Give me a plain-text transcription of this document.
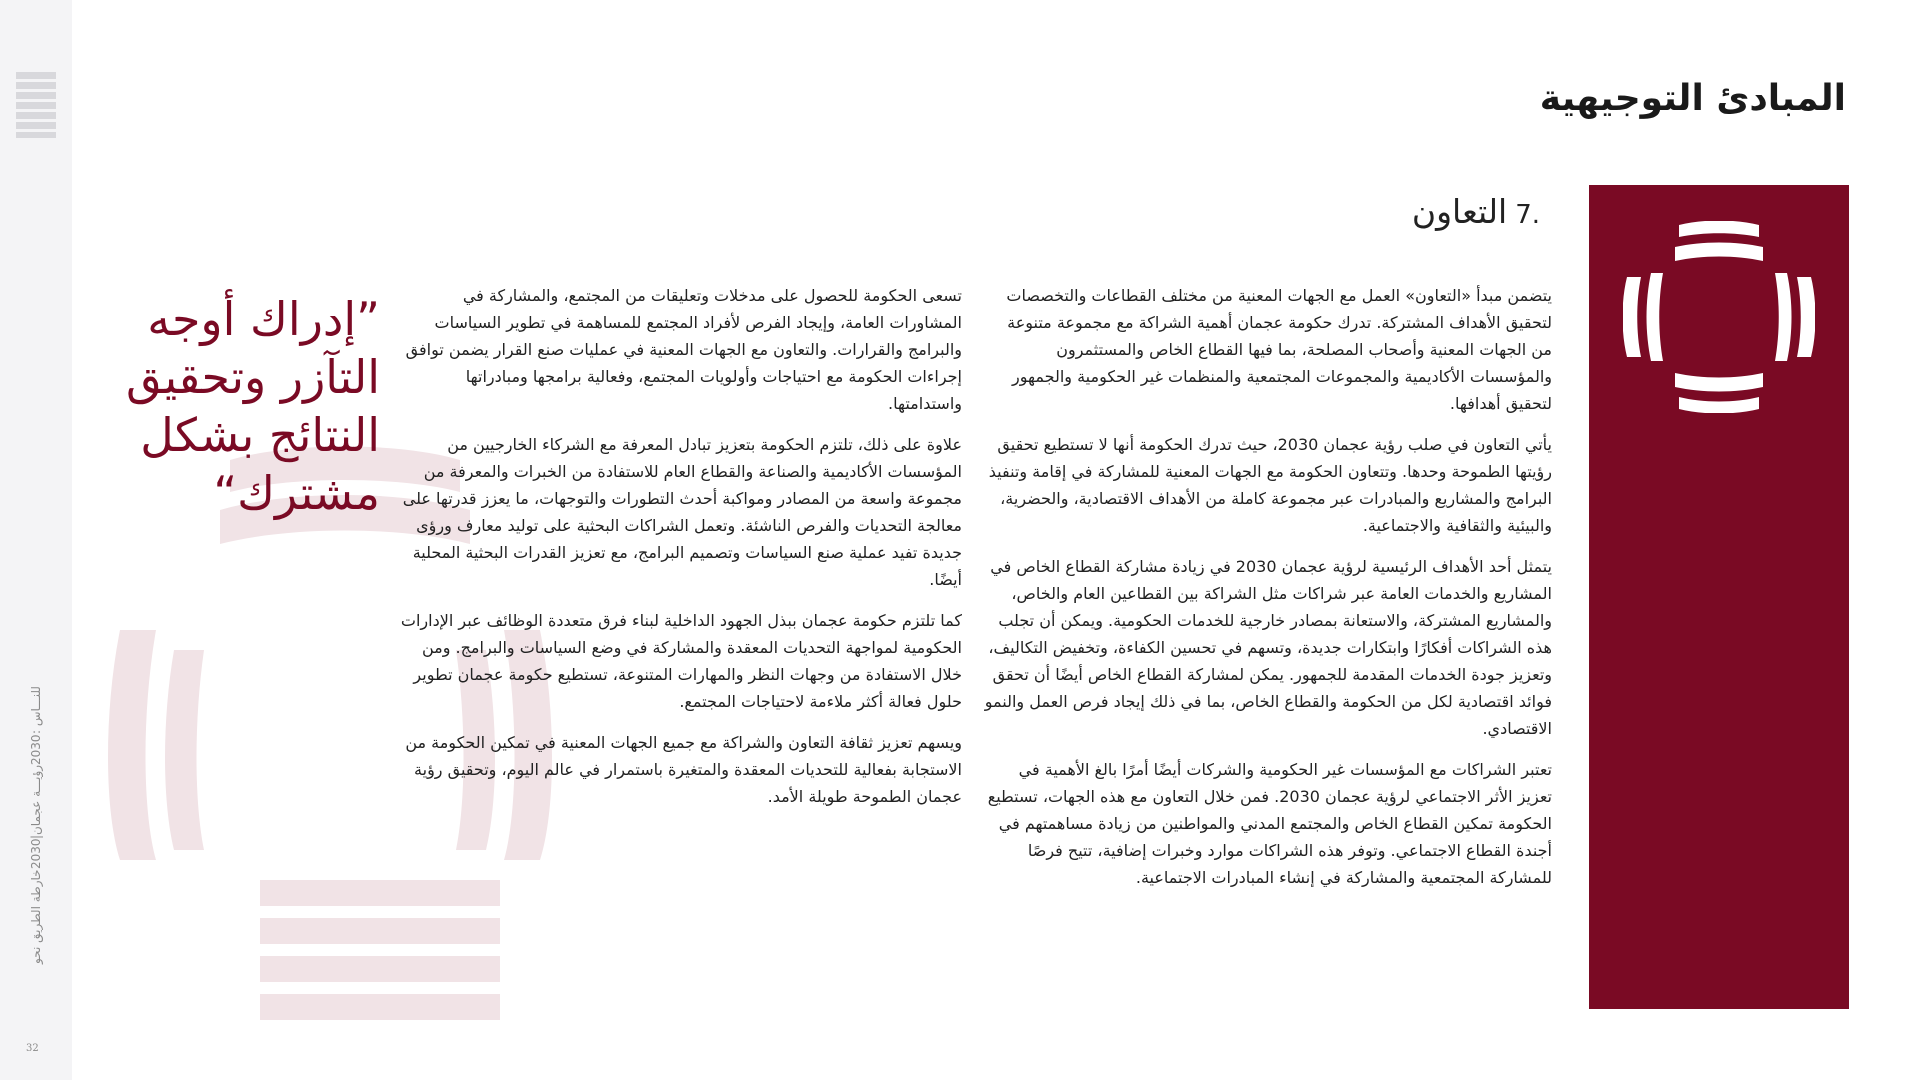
خارطة الطريق نحو
2030
|
رؤيـــة عجمان
2030
: للنـــاس
32
المبادئ التوجيهية
.7التعاون

يتضمن مبدأ «التعاون» العمل مع الجهات المعنية من مختلف القطاعات والتخصصات لتحقيق الأهداف المشتركة. تدرك حكومة عجمان أهمية الشراكة مع مجموعة متنوعة من الجهات المعنية وأصحاب المصلحة، بما فيها القطاع الخاص والمستثمرون والمؤسسات الأكاديمية والمجموعات المجتمعية والمنظمات غير الحكومية والجمهور لتحقيق أهدافها.

يأتي التعاون في صلب رؤية عجمان 2030، حيث تدرك الحكومة أنها لا تستطيع تحقيق رؤيتها الطموحة وحدها. وتتعاون الحكومة مع الجهات المعنية للمشاركة في إقامة وتنفيذ البرامج والمشاريع والمبادرات عبر مجموعة كاملة من الأهداف الاقتصادية، والحضرية، والبيئية والثقافية والاجتماعية.

يتمثل أحد الأهداف الرئيسية لرؤية عجمان 2030 في زيادة مشاركة القطاع الخاص في المشاريع والخدمات العامة عبر شراكات مثل الشراكة بين القطاعين العام والخاص، والمشاريع المشتركة، والاستعانة بمصادر خارجية للخدمات الحكومية. ويمكن أن تجلب هذه الشراكات أفكارًا وابتكارات جديدة، وتسهم في تحسين الكفاءة، وتخفيض التكاليف، وتعزيز جودة الخدمات المقدمة للجمهور. يمكن لمشاركة القطاع الخاص أيضًا أن تحقق فوائد اقتصادية لكل من الحكومة والقطاع الخاص، بما في ذلك إيجاد فرص العمل والنمو الاقتصادي.

تعتبر الشراكات مع المؤسسات غير الحكومية والشركات أيضًا أمرًا بالغ الأهمية في تعزيز الأثر الاجتماعي لرؤية عجمان 2030. فمن خلال التعاون مع هذه الجهات، تستطيع الحكومة تمكين القطاع الخاص والمجتمع المدني والمواطنين من زيادة مساهمتهم في أجندة القطاع الاجتماعي. وتوفر هذه الشراكات موارد وخبرات إضافية، تتيح فرصًا للمشاركة المجتمعية والمشاركة في إنشاء المبادرات الاجتماعية.

تسعى الحكومة للحصول على مدخلات وتعليقات من المجتمع، والمشاركة في المشاورات العامة، وإيجاد الفرص لأفراد المجتمع للمساهمة في تطوير السياسات والبرامج والقرارات. والتعاون مع الجهات المعنية في عمليات صنع القرار يضمن توافق إجراءات الحكومة مع احتياجات وأولويات المجتمع، وفعالية برامجها ومبادراتها واستدامتها.

علاوة على ذلك، تلتزم الحكومة بتعزيز تبادل المعرفة مع الشركاء الخارجيين من المؤسسات الأكاديمية والصناعة والقطاع العام للاستفادة من الخبرات والمعرفة من مجموعة واسعة من المصادر ومواكبة أحدث التطورات والتوجهات، ما يعزز قدرتها على معالجة التحديات والفرص الناشئة. وتعمل الشراكات البحثية على توليد معارف ورؤى جديدة تفيد عملية صنع السياسات وتصميم البرامج، مع تعزيز القدرات البحثية المحلية أيضًا.

كما تلتزم حكومة عجمان ببذل الجهود الداخلية لبناء فرق متعددة الوظائف عبر الإدارات الحكومية لمواجهة التحديات المعقدة والمشاركة في وضع السياسات والبرامج. ومن خلال الاستفادة من وجهات النظر والمهارات المتنوعة، تستطيع حكومة عجمان تطوير حلول فعالة أكثر ملاءمة لاحتياجات المجتمع.

ويسهم تعزيز ثقافة التعاون والشراكة مع جميع الجهات المعنية في تمكين الحكومة من الاستجابة بفعالية للتحديات المعقدة والمتغيرة باستمرار في عالم اليوم، وتحقيق رؤية عجمان الطموحة طويلة الأمد.

”إدراك أوجه التآزر وتحقيق النتائج بشكل مشترك“
